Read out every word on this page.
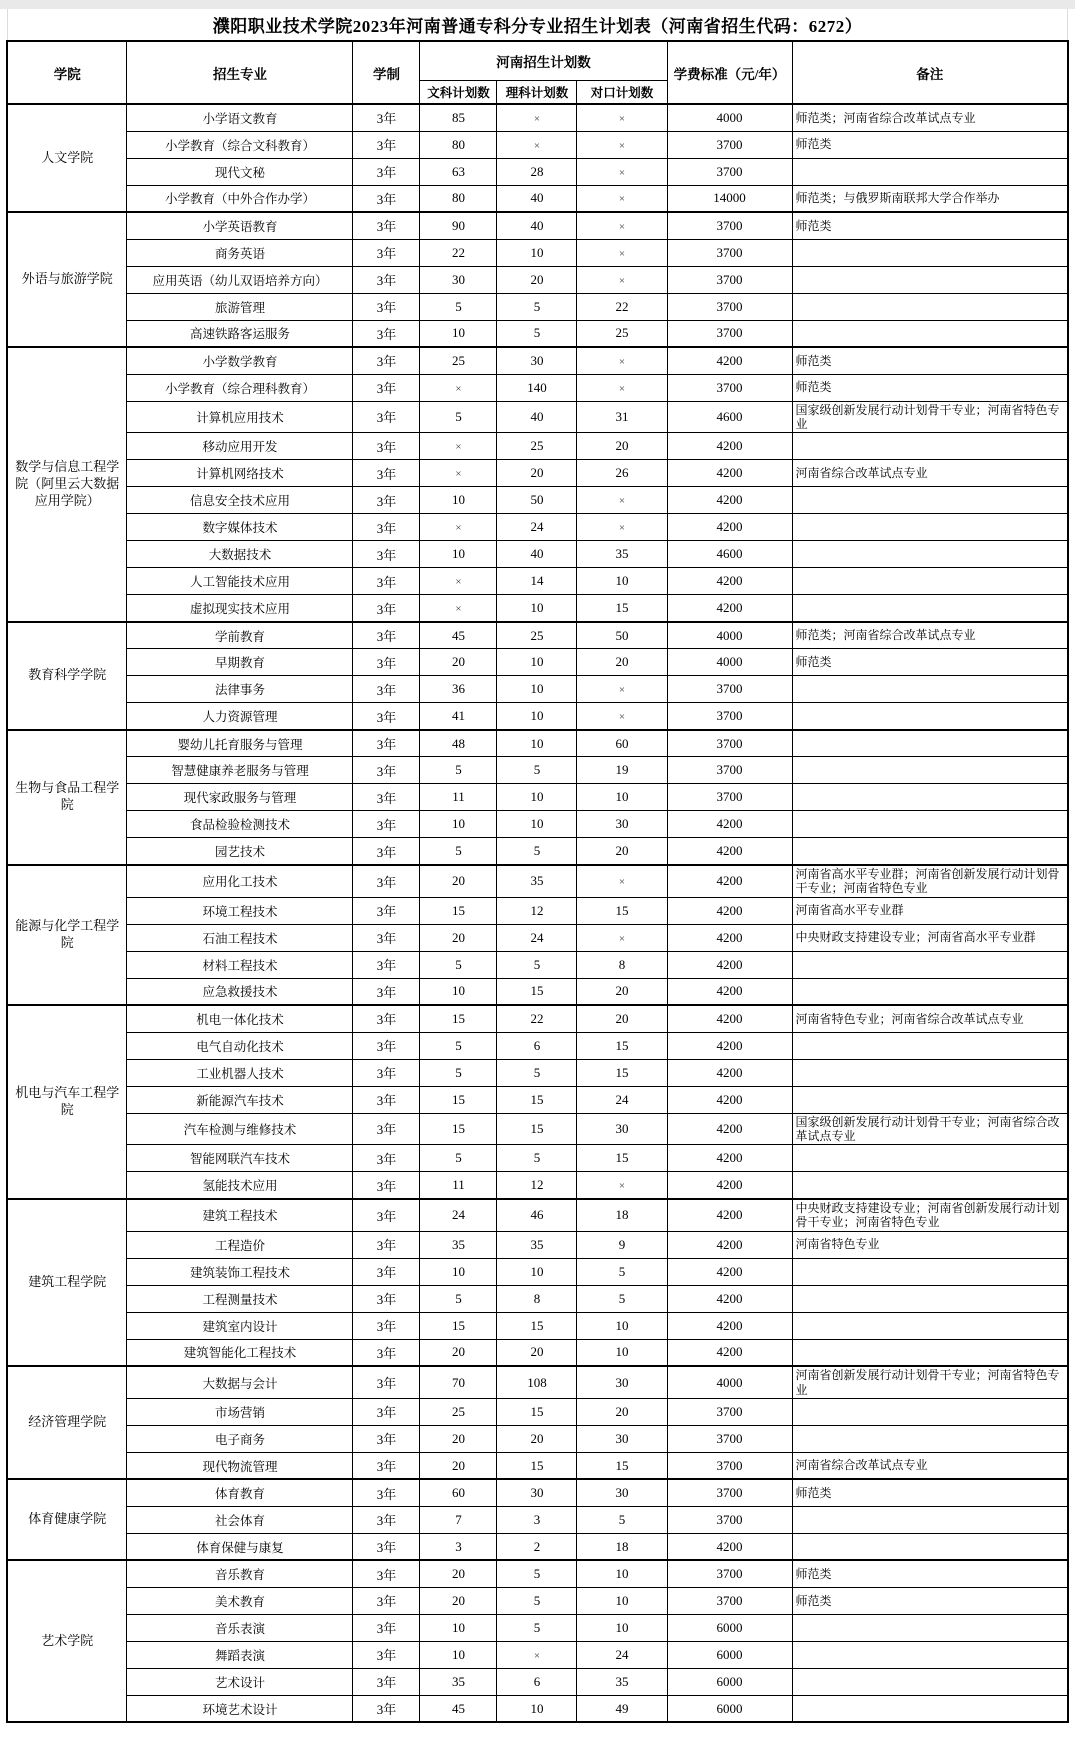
濮阳职业技术学院2023年河南普通专科分专业招生计划表（河南省招生代码：6272）
学院	招生专业	学制	河南招生计划数			学费标准（元/年）	备注
			文科计划数	理科计划数	对口计划数		
人文学院	小学语文教育	3年	85	×	×	4000	师范类；河南省综合改革试点专业
	小学教育（综合文科教育）	3年	80	×	×	3700	师范类
	现代文秘	3年	63	28	×	3700	
	小学教育（中外合作办学）	3年	80	40	×	14000	师范类；与俄罗斯南联邦大学合作举办
外语与旅游学院	小学英语教育	3年	90	40	×	3700	师范类
	商务英语	3年	22	10	×	3700	
	应用英语（幼儿双语培养方向）	3年	30	20	×	3700	
	旅游管理	3年	5	5	22	3700	
	高速铁路客运服务	3年	10	5	25	3700	
数学与信息工程学院（阿里云大数据应用学院）	小学数学教育	3年	25	30	×	4200	师范类
	小学教育（综合理科教育）	3年	×	140	×	3700	师范类
	计算机应用技术	3年	5	40	31	4600	国家级创新发展行动计划骨干专业；河南省特色专业
	移动应用开发	3年	×	25	20	4200	
	计算机网络技术	3年	×	20	26	4200	河南省综合改革试点专业
	信息安全技术应用	3年	10	50	×	4200	
	数字媒体技术	3年	×	24	×	4200	
	大数据技术	3年	10	40	35	4600	
	人工智能技术应用	3年	×	14	10	4200	
	虚拟现实技术应用	3年	×	10	15	4200	
教育科学学院	学前教育	3年	45	25	50	4000	师范类；河南省综合改革试点专业
	早期教育	3年	20	10	20	4000	师范类
	法律事务	3年	36	10	×	3700	
	人力资源管理	3年	41	10	×	3700	
生物与食品工程学院	婴幼儿托育服务与管理	3年	48	10	60	3700	
	智慧健康养老服务与管理	3年	5	5	19	3700	
	现代家政服务与管理	3年	11	10	10	3700	
	食品检验检测技术	3年	10	10	30	4200	
	园艺技术	3年	5	5	20	4200	
能源与化学工程学院	应用化工技术	3年	20	35	×	4200	河南省高水平专业群；河南省创新发展行动计划骨干专业；河南省特色专业
	环境工程技术	3年	15	12	15	4200	河南省高水平专业群
	石油工程技术	3年	20	24	×	4200	中央财政支持建设专业；河南省高水平专业群
	材料工程技术	3年	5	5	8	4200	
	应急救援技术	3年	10	15	20	4200	
机电与汽车工程学院	机电一体化技术	3年	15	22	20	4200	河南省特色专业；河南省综合改革试点专业
	电气自动化技术	3年	5	6	15	4200	
	工业机器人技术	3年	5	5	15	4200	
	新能源汽车技术	3年	15	15	24	4200	
	汽车检测与维修技术	3年	15	15	30	4200	国家级创新发展行动计划骨干专业；河南省综合改革试点专业
	智能网联汽车技术	3年	5	5	15	4200	
	氢能技术应用	3年	11	12	×	4200	
建筑工程学院	建筑工程技术	3年	24	46	18	4200	中央财政支持建设专业；河南省创新发展行动计划骨干专业；河南省特色专业
	工程造价	3年	35	35	9	4200	河南省特色专业
	建筑装饰工程技术	3年	10	10	5	4200	
	工程测量技术	3年	5	8	5	4200	
	建筑室内设计	3年	15	15	10	4200	
	建筑智能化工程技术	3年	20	20	10	4200	
经济管理学院	大数据与会计	3年	70	108	30	4000	河南省创新发展行动计划骨干专业；河南省特色专业
	市场营销	3年	25	15	20	3700	
	电子商务	3年	20	20	30	3700	
	现代物流管理	3年	20	15	15	3700	河南省综合改革试点专业
体育健康学院	体育教育	3年	60	30	30	3700	师范类
	社会体育	3年	7	3	5	3700	
	体育保健与康复	3年	3	2	18	4200	
艺术学院	音乐教育	3年	20	5	10	3700	师范类
	美术教育	3年	20	5	10	3700	师范类
	音乐表演	3年	10	5	10	6000	
	舞蹈表演	3年	10	×	24	6000	
	艺术设计	3年	35	6	35	6000	
	环境艺术设计	3年	45	10	49	6000	
